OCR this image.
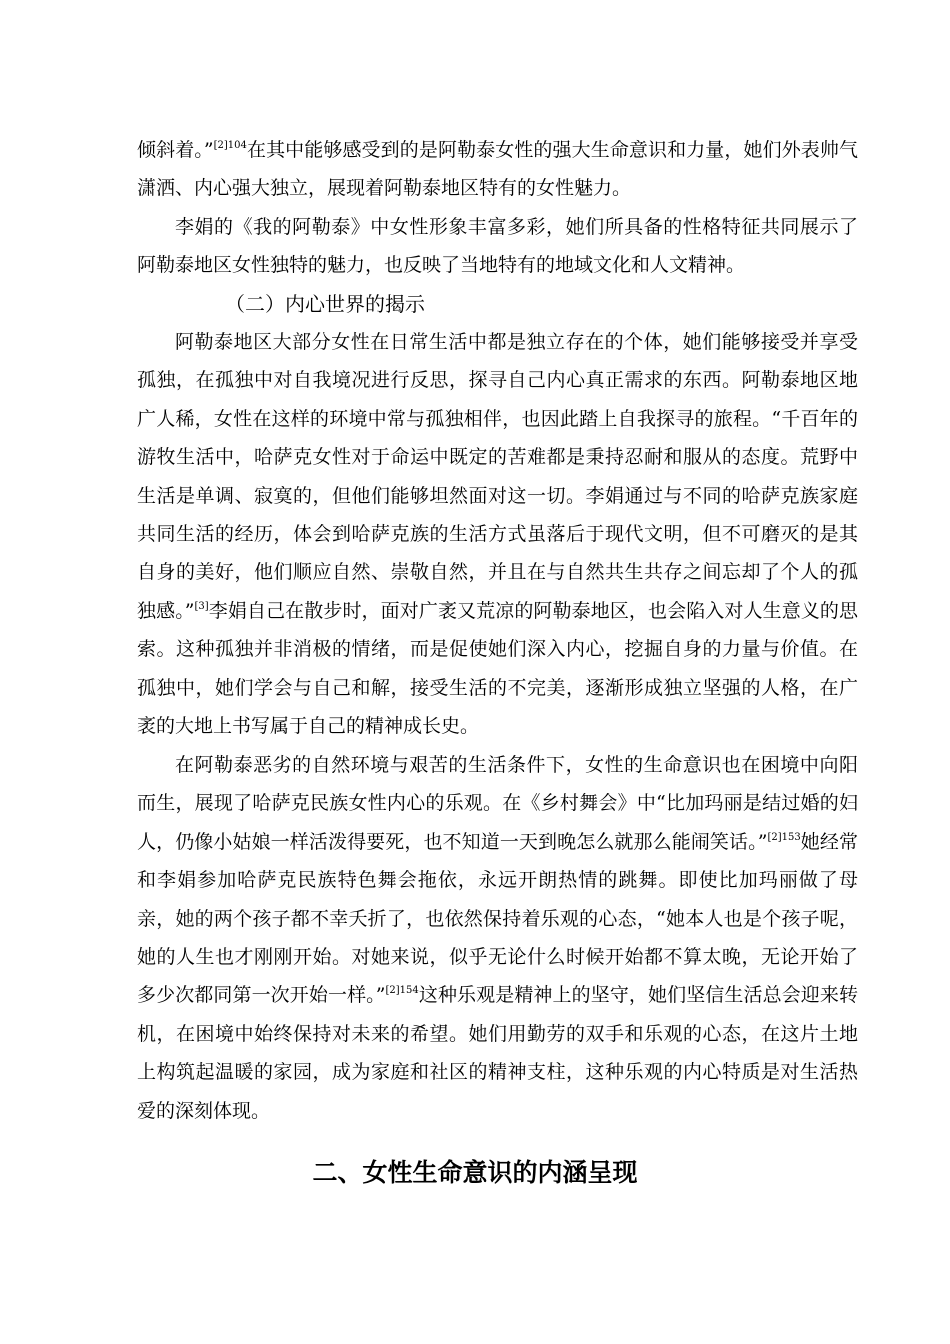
倾斜着。”$^{[2]104}$在其中能够感受到的是阿勒泰女性的强大生命意识和力量，她们外表帅气潇洒、内心强大独立，展现着阿勒泰地区特有的女性魅力。

李娟的《我的阿勒泰》中女性形象丰富多彩，她们所具备的性格特征共同展示了阿勒泰地区女性独特的魅力，也反映了当地特有的地域文化和人文精神。

（二）内心世界的揭示

阿勒泰地区大部分女性在日常生活中都是独立存在的个体，她们能够接受并享受孤独，在孤独中对自我境况进行反思，探寻自己内心真正需求的东西。阿勒泰地区地广人稀，女性在这样的环境中常与孤独相伴，也因此踏上自我探寻的旅程。“千百年的游牧生活中，哈萨克女性对于命运中既定的苦难都是秉持忍耐和服从的态度。荒野中生活是单调、寂寞的，但他们能够坦然面对这一切。李娟通过与不同的哈萨克族家庭共同生活的经历，体会到哈萨克族的生活方式虽落后于现代文明，但不可磨灭的是其自身的美好，他们顺应自然、崇敬自然，并且在与自然共生共存之间忘却了个人的孤独感。”[3]李娟自己在散步时，面对广袤又荒凉的阿勒泰地区，也会陷入对人生意义的思索。这种孤独并非消极的情绪，而是促使她们深入内心，挖掘自身的力量与价值。在孤独中，她们学会与自己和解，接受生活的不完美，逐渐形成独立坚强的人格，在广袤的大地上书写属于自己的精神成长史。

在阿勒泰恶劣的自然环境与艰苦的生活条件下，女性的生命意识也在困境中向阳而生，展现了哈萨克民族女性内心的乐观。在《乡村舞会》中“比加玛丽是结过婚的妇人，仍像小姑娘一样活泼得要死，也不知道一天到晚怎么就那么能闹笑话。”$^{[2]153}$她经常和李娟参加哈萨克民族特色舞会拖依，永远开朗热情的跳舞。即使比加玛丽做了母亲，她的两个孩子都不幸夭折了，也依然保持着乐观的心态，“她本人也是个孩子呢，她的人生也才刚刚开始。对她来说，似乎无论什么时候开始都不算太晚，无论开始了多少次都同第一次开始一样。”$^{[2]154}$这种乐观是精神上的坚守，她们坚信生活总会迎来转机，在困境中始终保持对未来的希望。她们用勤劳的双手和乐观的心态，在这片土地上构筑起温暖的家园，成为家庭和社区的精神支柱，这种乐观的内心特质是对生活热爱的深刻体现。

二、女性生命意识的内涵呈现
